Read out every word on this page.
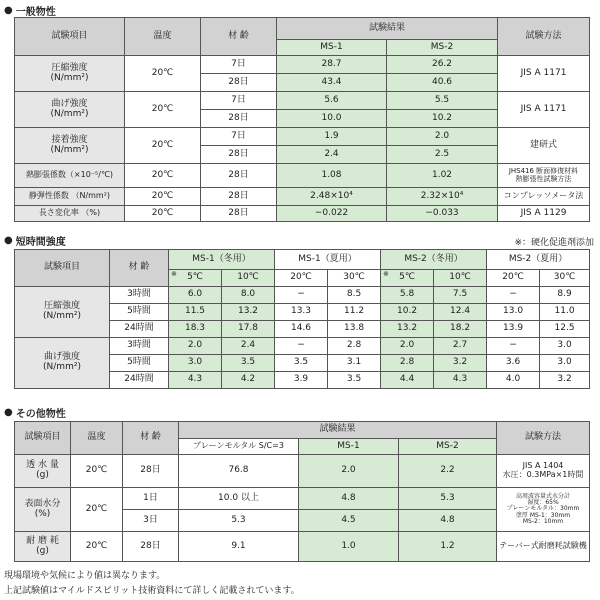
● 一般物性
試験項目	温度	材 齢	試験結果		試験方法
			MS-1	MS-2	
圧縮強度
(N/mm²)	20℃	7日	28.7	26.2	JIS A 1171
		28日	43.4	40.6	
曲げ強度
(N/mm²)	20℃	7日	5.6	5.5	JIS A 1171
		28日	10.0	10.2	
接着強度
(N/mm²)	20℃	7日	1.9	2.0	建研式
		28日	2.4	2.5	
熱膨張係数（×10⁻⁵/℃)	20℃	28日	1.08	1.02	JHS416 断面修復材料
熱膨張性試験方法
静弾性係数 （N/mm²)	20℃	28日	2.48×10⁴	2.32×10⁴	コンプレッソメータ法
長さ変化率 （%)	20℃	28日	−0.022	−0.033	JIS A 1129
● 短時間強度	※：硬化促進剤添加
試験項目	材 齢	MS-1（冬用）		MS-1（夏用）		MS-2（冬用）		MS-2（夏用）	

		※ 5℃	10℃	20℃	30℃	※ 5℃	10℃	20℃	30℃
圧縮強度
(N/mm²)	3時間	6.0	8.0	−	8.5	5.8	7.5	−	8.9
	5時間	11.5	13.2	13.3	11.2	10.2	12.4	13.0	11.0
	24時間	18.3	17.8	14.6	13.8	13.2	18.2	13.9	12.5
曲げ強度
(N/mm²)	3時間	2.0	2.4	−	2.8	2.0	2.7	−	3.0
	5時間	3.0	3.5	3.5	3.1	2.8	3.2	3.6	3.0
	24時間	4.3	4.2	3.9	3.5	4.4	4.3	4.0	3.2
● その他物性
試験項目	温度	材 齢	試験結果			試験方法
			プレーンモルタル S/C=3	MS-1	MS-2	
透 水 量
(g)	20℃	28日	76.8	2.0	2.2	JIS A 1404
水圧：0.3MPa×1時間
表面水分
(%)	20℃	1日	10.0 以上	4.8	5.3	高周波容量式水分計
湿度：65%
プレーンモルタル：30mm
塗厚 MS-1：30mm
MS-2：10mm
		3日	5.3	4.5	4.8	
耐 磨 耗
(g)	20℃	28日	9.1	1.0	1.2	テーバー式耐磨耗試験機
現場環境や気候により値は異なります。
上記試験値はマイルドスピリット技術資料にて詳しく記載されています。
